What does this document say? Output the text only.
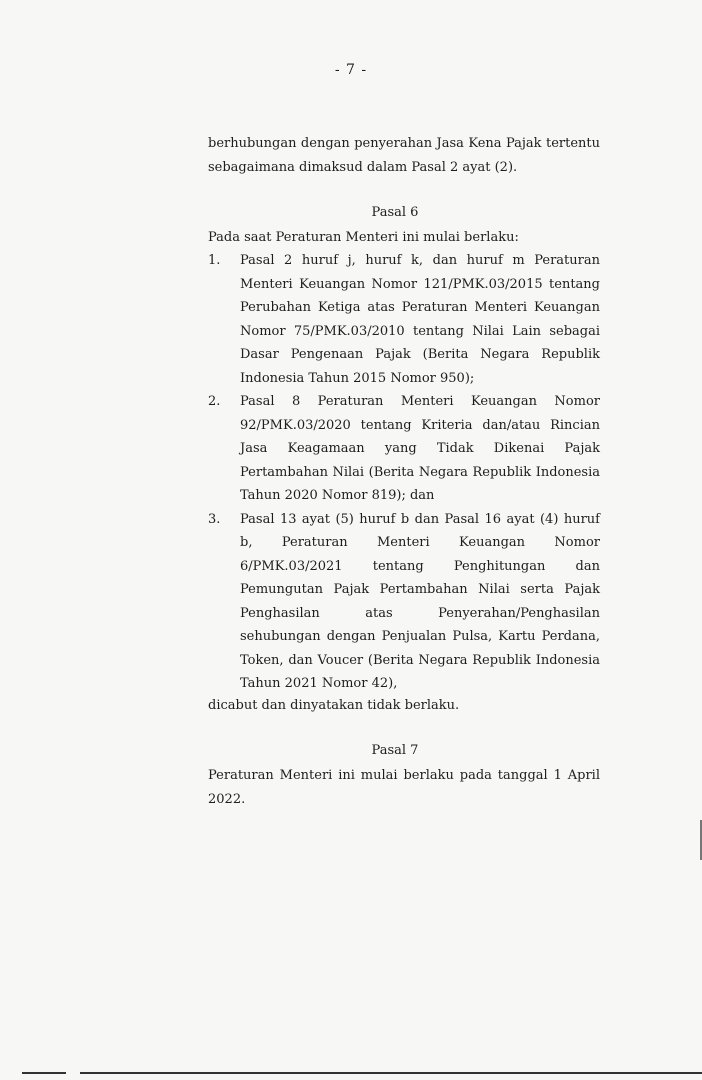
- 7 -
berhubungan dengan penyerahan Jasa Kena Pajak tertentu sebagaimana dimaksud dalam Pasal 2 ayat (2).
Pasal 6
Pada saat Peraturan Menteri ini mulai berlaku:
1. Pasal 2 huruf j, huruf k, dan huruf m Peraturan Menteri Keuangan Nomor 121/PMK.03/2015 tentang Perubahan Ketiga atas Peraturan Menteri Keuangan Nomor 75/PMK.03/2010 tentang Nilai Lain sebagai Dasar Pengenaan Pajak (Berita Negara Republik Indonesia Tahun 2015 Nomor 950);
2. Pasal 8 Peraturan Menteri Keuangan Nomor 92/PMK.03/2020 tentang Kriteria dan/atau Rincian Jasa Keagamaan yang Tidak Dikenai Pajak Pertambahan Nilai (Berita Negara Republik Indonesia Tahun 2020 Nomor 819); dan
3. Pasal 13 ayat (5) huruf b dan Pasal 16 ayat (4) huruf b, Peraturan Menteri Keuangan Nomor 6/PMK.03/2021 tentang Penghitungan dan Pemungutan Pajak Pertambahan Nilai serta Pajak Penghasilan atas Penyerahan/Penghasilan sehubungan dengan Penjualan Pulsa, Kartu Perdana, Token, dan Voucer (Berita Negara Republik Indonesia Tahun 2021 Nomor 42),
dicabut dan dinyatakan tidak berlaku.
Pasal 7
Peraturan Menteri ini mulai berlaku pada tanggal 1 April 2022.
